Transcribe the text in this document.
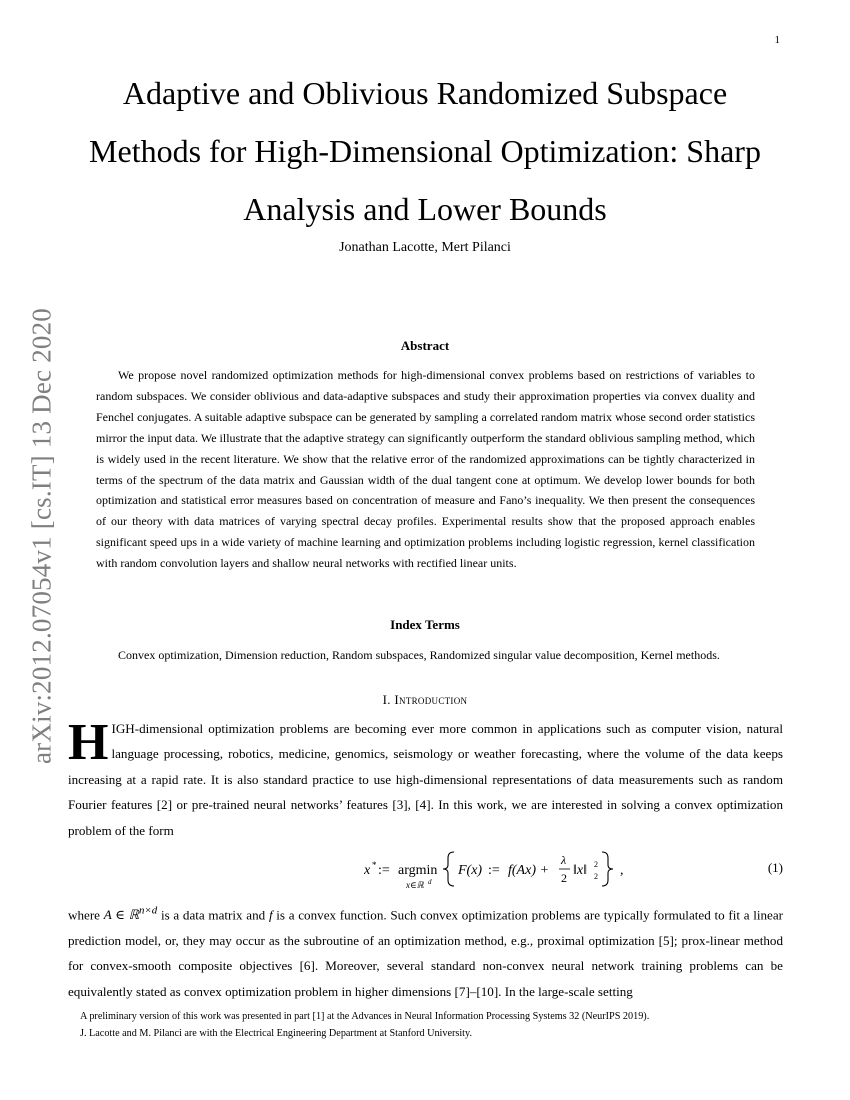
1
arXiv:2012.07054v1 [cs.IT] 13 Dec 2020
Adaptive and Oblivious Randomized Subspace
Methods for High-Dimensional Optimization: Sharp
Analysis and Lower Bounds
Jonathan Lacotte, Mert Pilanci
Abstract

We propose novel randomized optimization methods for high-dimensional convex problems based on restrictions of variables to random subspaces. We consider oblivious and data-adaptive subspaces and study their approximation properties via convex duality and Fenchel conjugates. A suitable adaptive subspace can be generated by sampling a correlated random matrix whose second order statistics mirror the input data. We illustrate that the adaptive strategy can significantly outperform the standard oblivious sampling method, which is widely used in the recent literature. We show that the relative error of the randomized approximations can be tightly characterized in terms of the spectrum of the data matrix and Gaussian width of the dual tangent cone at optimum. We develop lower bounds for both optimization and statistical error measures based on concentration of measure and Fano’s inequality. We then present the consequences of our theory with data matrices of varying spectral decay profiles. Experimental results show that the proposed approach enables significant speed ups in a wide variety of machine learning and optimization problems including logistic regression, kernel classification with random convolution layers and shallow neural networks with rectified linear units.

Index Terms
Convex optimization, Dimension reduction, Random subspaces, Randomized singular value decomposition, Kernel methods.
I. Introduction

HIGH-dimensional optimization problems are becoming ever more common in applications such as computer vision, natural language processing, robotics, medicine, genomics, seismology or weather forecasting, where the volume of the data keeps increasing at a rapid rate. It is also standard practice to use high-dimensional representations of data measurements such as random Fourier features [2] or pre-trained neural networks’ features [3], [4]. In this work, we are interested in solving a convex optimization problem of the form

x * := argmin
x∈ℝ d
F(x) := f(Ax) +
λ
2 ‖x‖ 2
2 ,	(1)

where A ∈ ℝ$^{n\times d}$ is a data matrix and f is a convex function. Such convex optimization problems are typically formulated to fit a linear prediction model, or, they may occur as the subroutine of an optimization method, e.g., proximal optimization [5]; prox-linear method for convex-smooth composite objectives [6]. Moreover, several standard non-convex neural network training problems can be equivalently stated as convex optimization problem in higher dimensions [7]–[10]. In the large-scale setting

A preliminary version of this work was presented in part [1] at the Advances in Neural Information Processing Systems 32 (NeurIPS 2019).

J. Lacotte and M. Pilanci are with the Electrical Engineering Department at Stanford University.
